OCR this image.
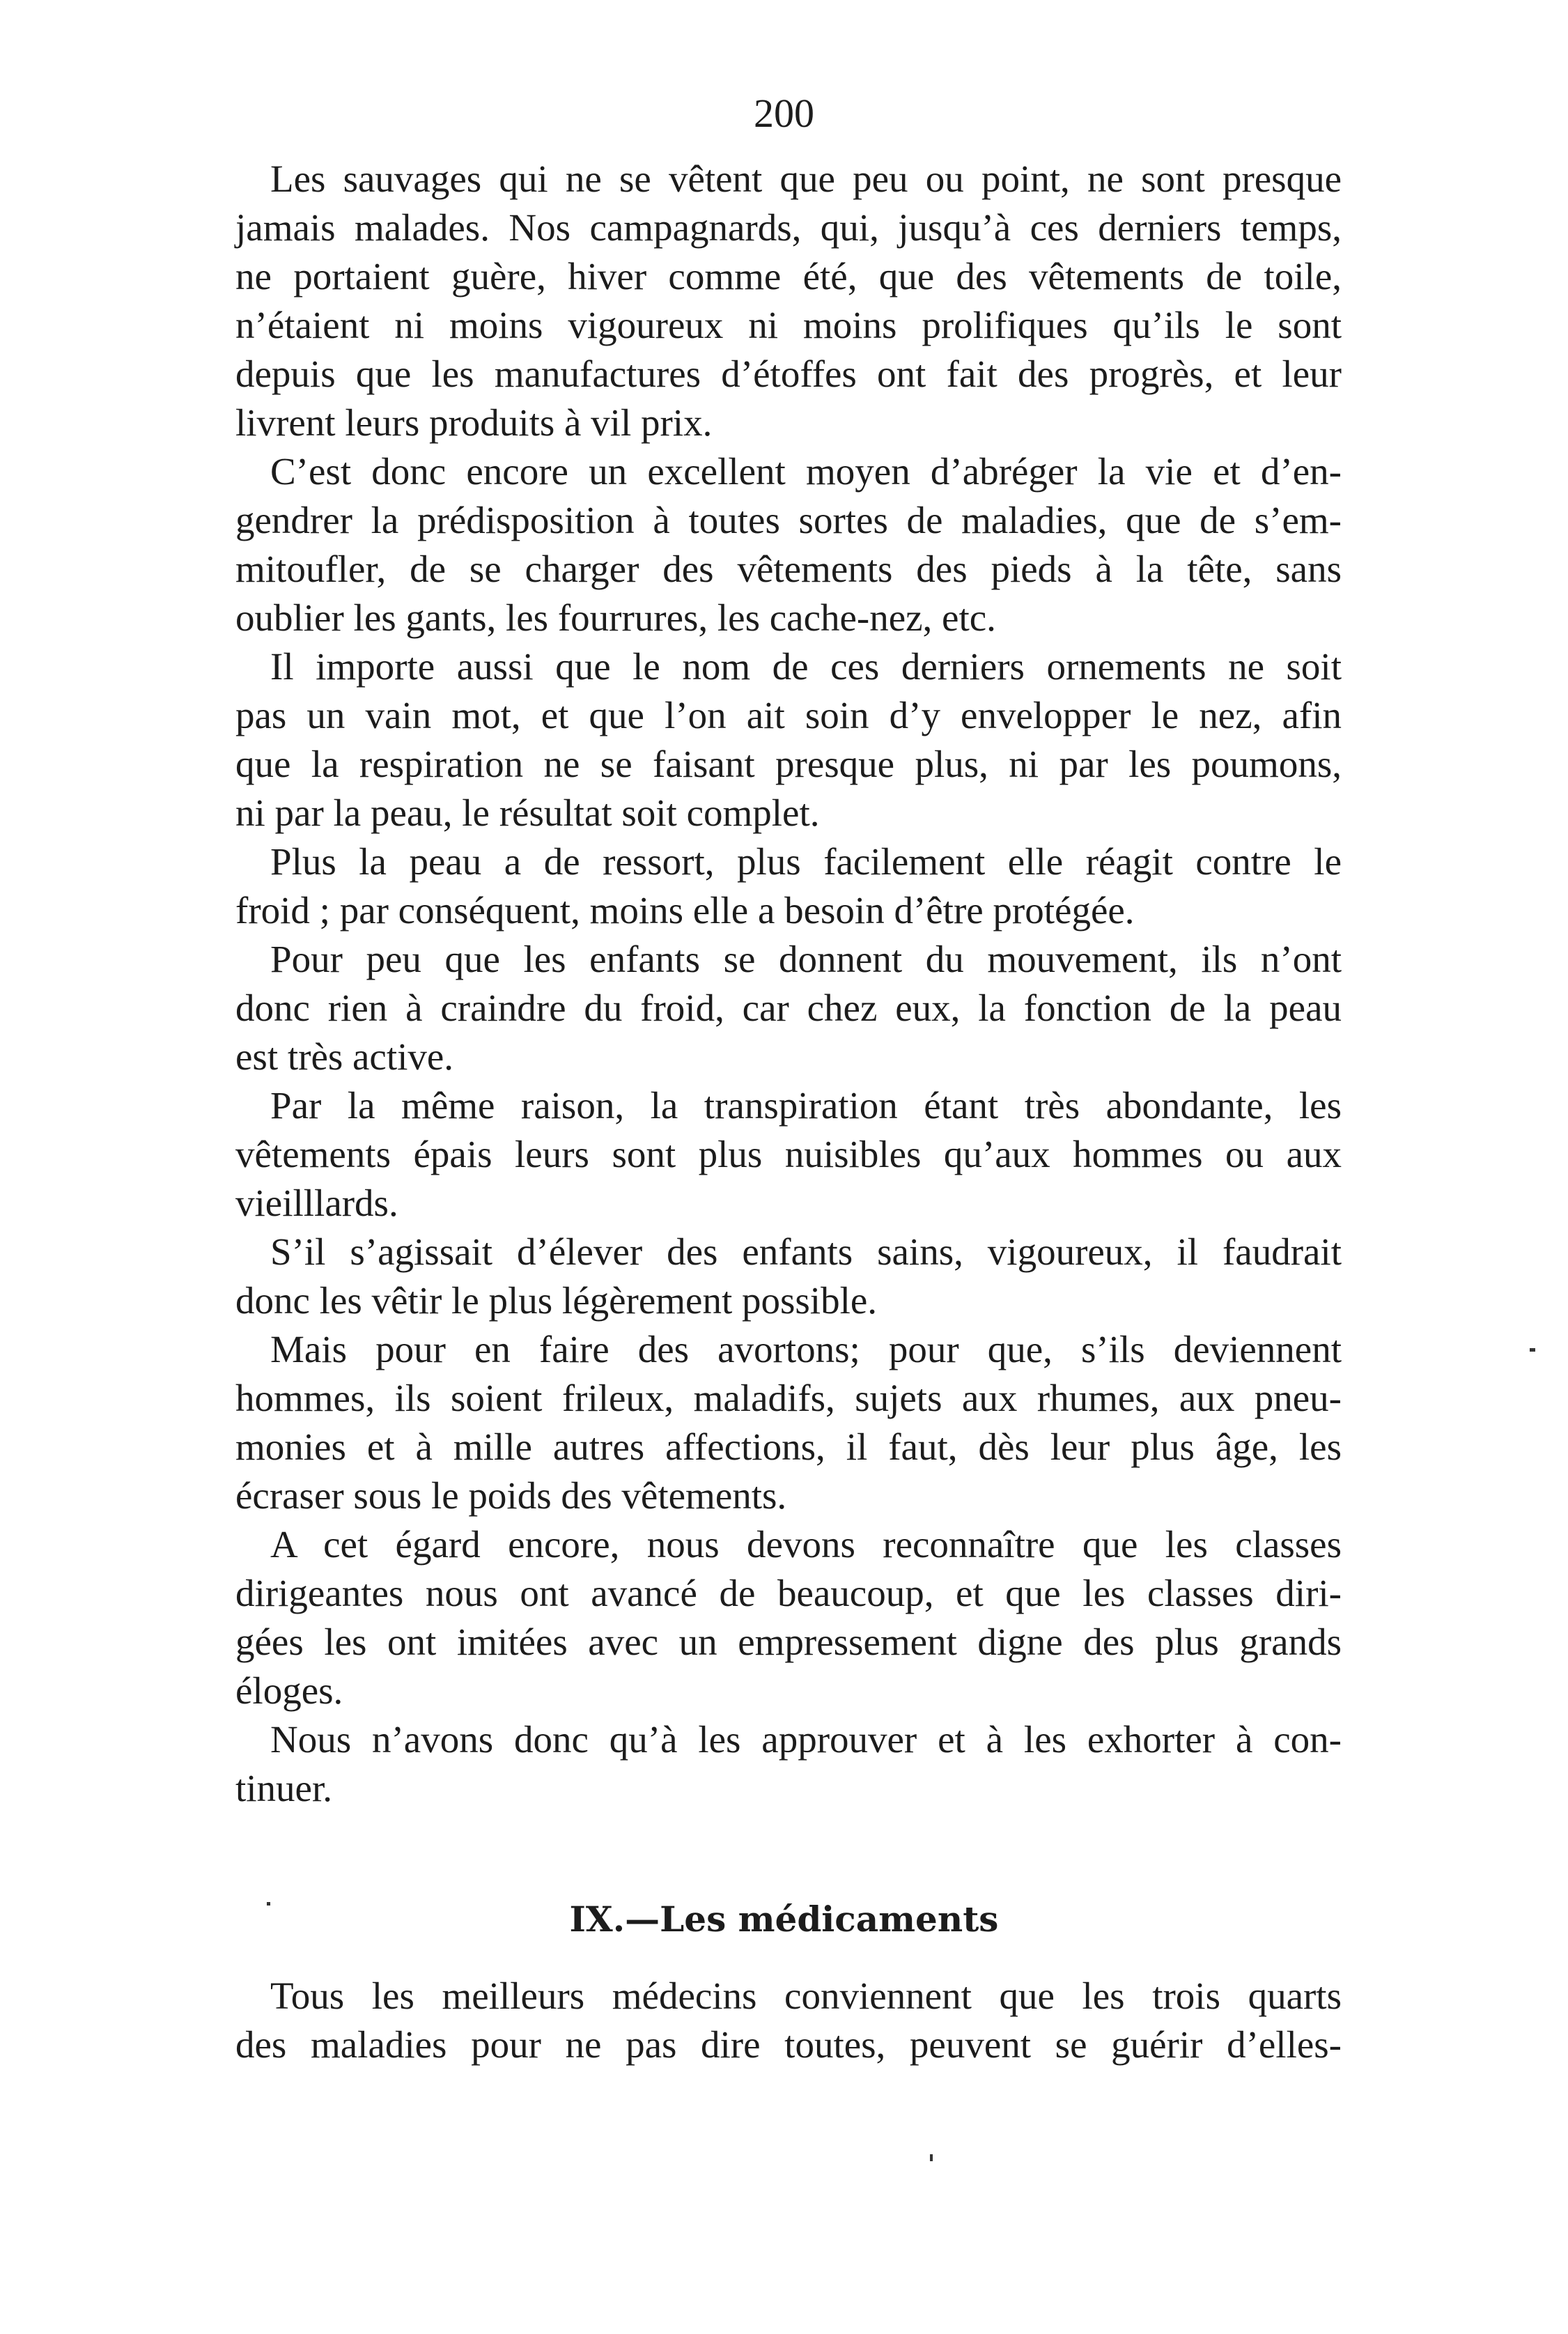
200
Les sauvages qui ne se vêtent que peu ou point, ne sont presque
jamais malades. Nos campagnards, qui, jusqu’à ces derniers temps,
ne portaient guère, hiver comme été, que des vêtements de toile,
n’étaient ni moins vigoureux ni moins prolifiques qu’ils le sont
depuis que les manufactures d’étoffes ont fait des progrès, et leur
livrent leurs produits à vil prix.
C’est donc encore un excellent moyen d’abréger la vie et d’en-
gendrer la prédisposition à toutes sortes de maladies, que de s’em-
mitoufler, de se charger des vêtements des pieds à la tête, sans
oublier les gants, les fourrures, les cache-nez, etc.
Il importe aussi que le nom de ces derniers ornements ne soit
pas un vain mot, et que l’on ait soin d’y envelopper le nez, afin
que la respiration ne se faisant presque plus, ni par les poumons,
ni par la peau, le résultat soit complet.
Plus la peau a de ressort, plus facilement elle réagit contre le
froid ; par conséquent, moins elle a besoin d’être protégée.
Pour peu que les enfants se donnent du mouvement, ils n’ont
donc rien à craindre du froid, car chez eux, la fonction de la peau
est très active.
Par la même raison, la transpiration étant très abondante, les
vêtements épais leurs sont plus nuisibles qu’aux hommes ou aux
vieilllards.
S’il s’agissait d’élever des enfants sains, vigoureux, il faudrait
donc les vêtir le plus légèrement possible.
Mais pour en faire des avortons; pour que, s’ils deviennent
hommes, ils soient frileux, maladifs, sujets aux rhumes, aux pneu-
monies et à mille autres affections, il faut, dès leur plus âge, les
écraser sous le poids des vêtements.
A cet égard encore, nous devons reconnaître que les classes
dirigeantes nous ont avancé de beaucoup, et que les classes diri-
gées les ont imitées avec un empressement digne des plus grands
éloges.
Nous n’avons donc qu’à les approuver et à les exhorter à con-
tinuer.
IX.—Les médicaments
Tous les meilleurs médecins conviennent que les trois quarts
des maladies pour ne pas dire toutes, peuvent se guérir d’elles-
